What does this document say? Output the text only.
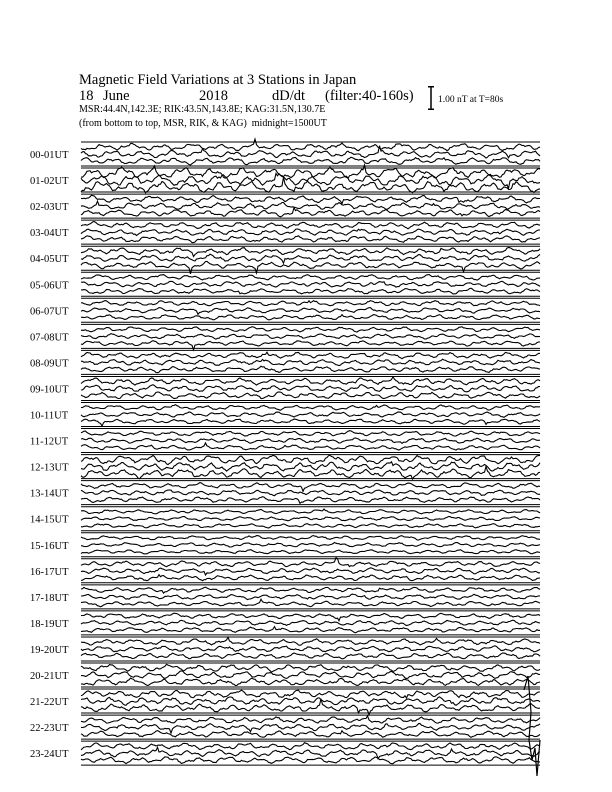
Magnetic Field Variations at 3 Stations in Japan
18 June	2018	dD/dt (filter:40-160s)
MSR:44.4N,142.3E; RIK:43.5N,143.8E; KAG:31.5N,130.7E
(from bottom to top, MSR, RIK, & KAG) midnight=1500UT
1.00 nT at T=80s
00-01UT
01-02UT
02-03UT
03-04UT
04-05UT
05-06UT
06-07UT
07-08UT
08-09UT
09-10UT
10-11UT
11-12UT
12-13UT
13-14UT
14-15UT
15-16UT
16-17UT
17-18UT
18-19UT
19-20UT
20-21UT
21-22UT
22-23UT
23-24UT
